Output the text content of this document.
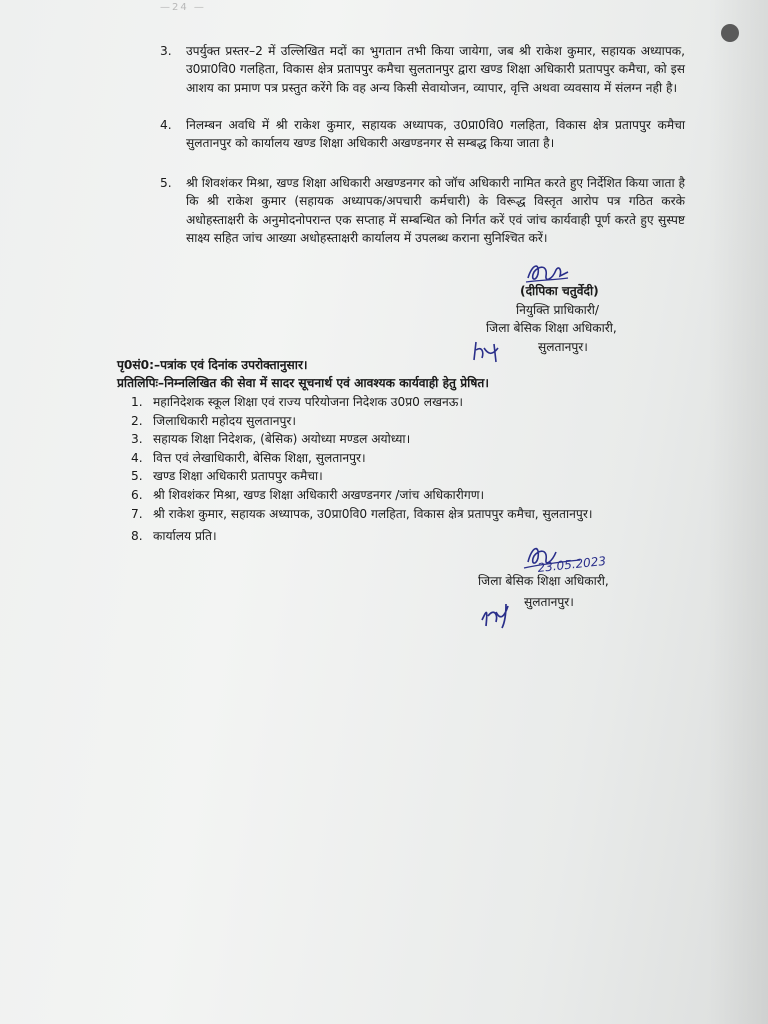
—24 —
3. उपर्युक्त प्रस्तर–2 में उल्लिखित मदों का भुगतान तभी किया जायेगा, जब श्री राकेश कुमार, सहायक अध्यापक, उ0प्रा0वि0 गलहिता, विकास क्षेत्र प्रतापपुर कमैचा सुलतानपुर द्वारा खण्ड शिक्षा अधिकारी प्रतापपुर कमैचा, को इस आशय का प्रमाण पत्र प्रस्तुत करेंगे कि वह अन्य किसी सेवायोजन, व्यापार, वृत्ति अथवा व्यवसाय में संलग्न नही है।
4. निलम्बन अवधि में श्री राकेश कुमार, सहायक अध्यापक, उ0प्रा0वि0 गलहिता, विकास क्षेत्र प्रतापपुर कमैचा सुलतानपुर को कार्यालय खण्ड शिक्षा अधिकारी अखण्डनगर से सम्बद्ध किया जाता है।
5. श्री शिवशंकर मिश्रा, खण्ड शिक्षा अधिकारी अखण्डनगर को जॉच अधिकारी नामित करते हुए निर्देशित किया जाता है कि श्री राकेश कुमार (सहायक अध्यापक/अपचारी कर्मचारी) के विरूद्ध विस्तृत आरोप पत्र गठित करके अधोहस्ताक्षरी के अनुमोदनोपरान्त एक सप्ताह में सम्बन्धित को निर्गत करें एवं जांच कार्यवाही पूर्ण करते हुए सुस्पष्ट साक्ष्य सहित जांच आख्या अधोहस्ताक्षरी कार्यालय में उपलब्ध कराना सुनिश्चित करें।
(दीपिका चतुर्वेदी)
नियुक्ति प्राधिकारी/
जिला बेसिक शिक्षा अधिकारी,
सुलतानपुर।

पृ0सं0:–पत्रांक एवं दिनांक उपरोक्तानुसार।

प्रतिलिपिः–निम्नलिखित की सेवा में सादर सूचनार्थ एवं आवश्यक कार्यवाही हेतु प्रेषित।

1. महानिदेशक स्कूल शिक्षा एवं राज्य परियोजना निदेशक उ0प्र0 लखनऊ।
2. जिलाधिकारी महोदय सुलतानपुर।
3. सहायक शिक्षा निदेशक, (बेसिक) अयोध्या मण्डल अयोध्या।
4. वित्त एवं लेखाधिकारी, बेसिक शिक्षा, सुलतानपुर।
5. खण्ड शिक्षा अधिकारी प्रतापपुर कमैचा।
6. श्री शिवशंकर मिश्रा, खण्ड शिक्षा अधिकारी अखण्डनगर /जांच अधिकारीगण।
7. श्री राकेश कुमार, सहायक अध्यापक, उ0प्रा0वि0 गलहिता, विकास क्षेत्र प्रतापपुर कमैचा, सुलतानपुर।
8. कार्यालय प्रति।
23.05.2023
जिला बेसिक शिक्षा अधिकारी,
सुलतानपुर।
